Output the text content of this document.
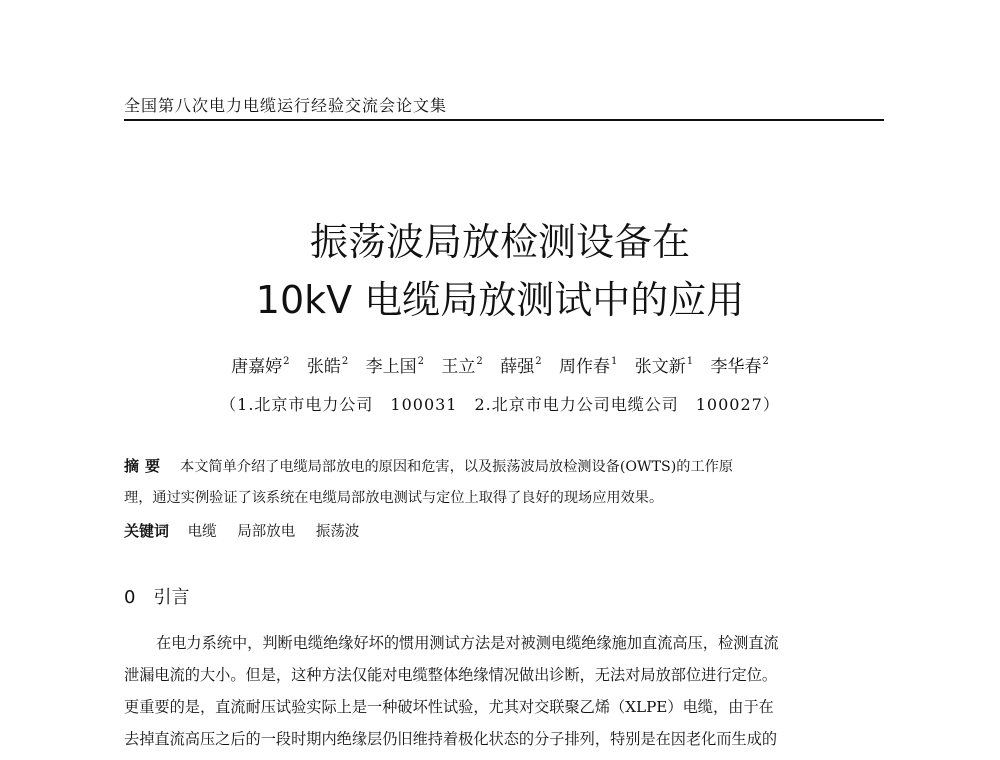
全国第八次电力电缆运行经验交流会论文集
振荡波局放检测设备在
10kV 电缆局放测试中的应用
唐嘉婷$^2$ 张皓$^2$ 李上国$^2$ 王立$^2$ 薛强$^2$ 周作春$^1$ 张文新$^1$ 李华春$^2$
（1.北京市电力公司　100031　2.北京市电力公司电缆公司　100027）
摘要 本文简单介绍了电缆局部放电的原因和危害，以及振荡波局放检测设备(OWTS)的工作原
理，通过实例验证了该系统在电缆局部放电测试与定位上取得了良好的现场应用效果。
关键词 电缆 局部放电 振荡波
0 引言
在电力系统中，判断电缆绝缘好坏的惯用测试方法是对被测电缆绝缘施加直流高压，检测直流
泄漏电流的大小。但是，这种方法仅能对电缆整体绝缘情况做出诊断，无法对局放部位进行定位。
更重要的是，直流耐压试验实际上是一种破坏性试验，尤其对交联聚乙烯（XLPE）电缆，由于在
去掉直流高压之后的一段时期内绝缘层仍旧维持着极化状态的分子排列，特别是在因老化而生成的
